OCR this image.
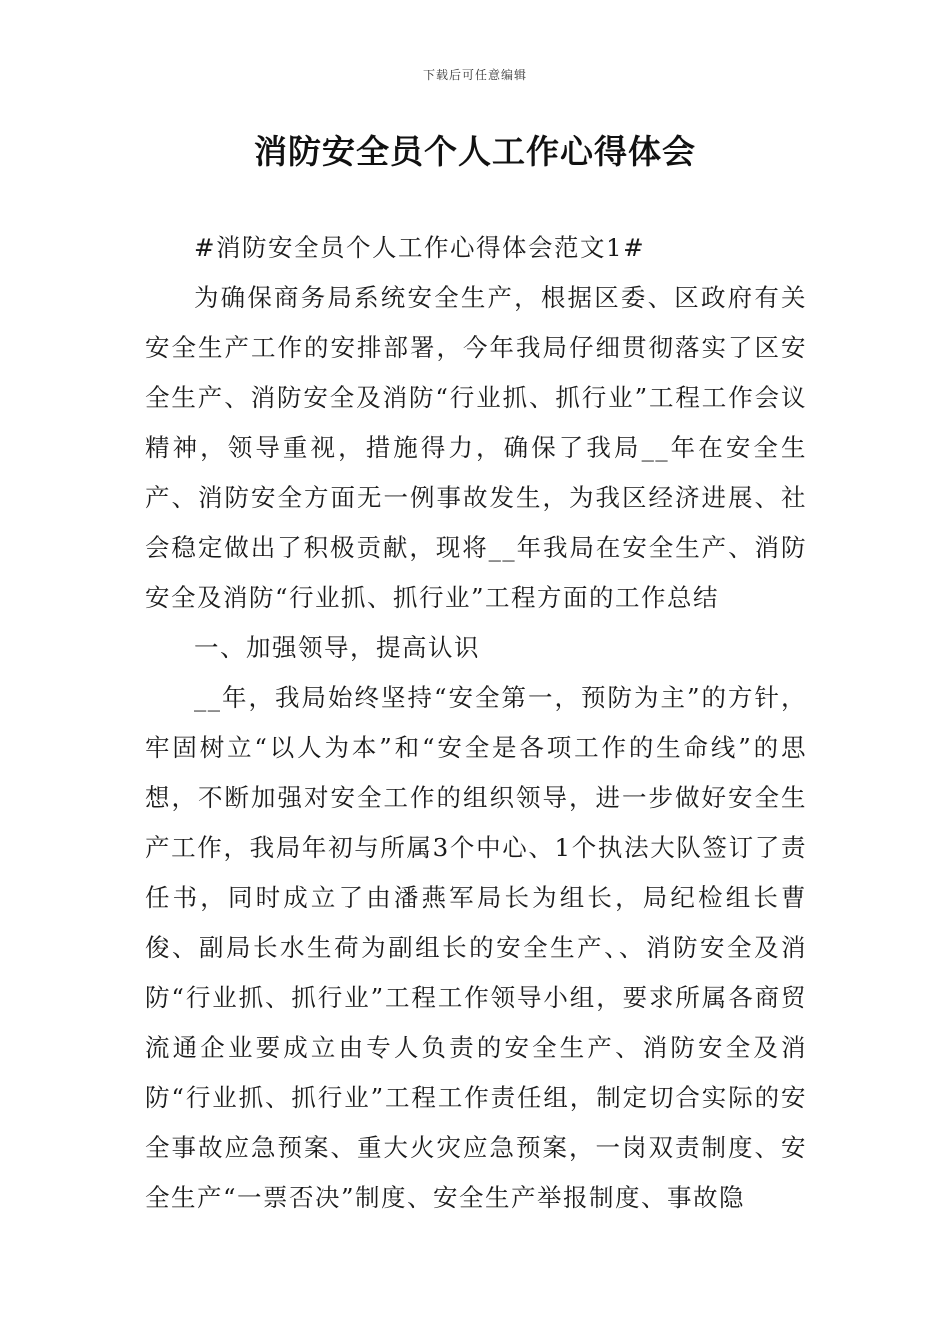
下载后可任意编辑
消防安全员个人工作心得体会

#消防安全员个人工作心得体会范文1#

为确保商务局系统安全生产，根据区委、区政府有关安全生产工作的安排部署，今年我局仔细贯彻落实了区安全生产、消防安全及消防“行业抓、抓行业”工程工作会议精神，领导重视，措施得力，确保了我局__年在安全生产、消防安全方面无一例事故发生，为我区经济进展、社会稳定做出了积极贡献，现将__年我局在安全生产、消防安全及消防“行业抓、抓行业”工程方面的工作总结

一、加强领导，提高认识

__年，我局始终坚持“安全第一，预防为主”的方针，牢固树立“以人为本”和“安全是各项工作的生命线”的思想，不断加强对安全工作的组织领导，进一步做好安全生产工作，我局年初与所属3个中心、1个执法大队签订了责任书，同时成立了由潘燕军局长为组长，局纪检组长曹俊、副局长水生荷为副组长的安全生产、、消防安全及消防“行业抓、抓行业”工程工作领导小组，要求所属各商贸流通企业要成立由专人负责的安全生产、消防安全及消防“行业抓、抓行业”工程工作责任组，制定切合实际的安全事故应急预案、重大火灾应急预案，一岗双责制度、安全生产“一票否决”制度、安全生产举报制度、事故隐
